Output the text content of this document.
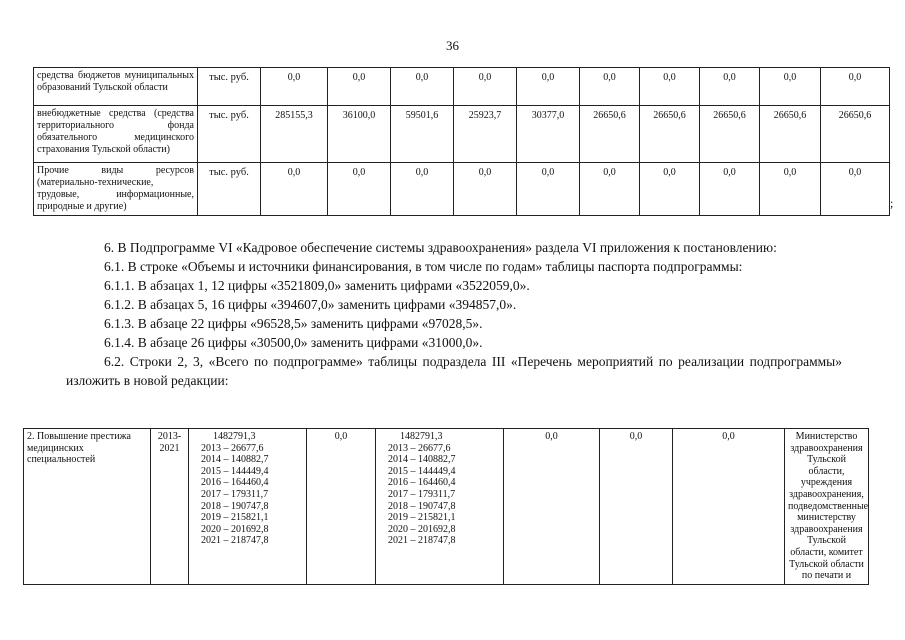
36
средства бюджетов муниципальных образований Тульской области	тыс. руб.	0,0	0,0	0,0	0,0	0,0	0,0	0,0	0,0	0,0	0,0
внебюджетные средства (средства территориального фонда обязательного медицинского страхования Тульской области)	тыс. руб.	285155,3	36100,0	59501,6	25923,7	30377,0	26650,6	26650,6	26650,6	26650,6	26650,6
Прочие виды ресурсов (материально-технические, трудовые, информационные, природные и другие)	тыс. руб.	0,0	0,0	0,0	0,0	0,0	0,0	0,0	0,0	0,0	0,0
;

6. В Подпрограмме VI «Кадровое обеспечение системы здравоохранения» раздела VI приложения к постановлению:

6.1. В строке «Объемы и источники финансирования, в том числе по годам» таблицы паспорта подпрограммы:

6.1.1. В абзацах 1, 12 цифры «3521809,0» заменить цифрами «3522059,0».

6.1.2. В абзацах 5, 16 цифры «394607,0» заменить цифрами «394857,0».

6.1.3. В абзаце 22 цифры «96528,5» заменить цифрами «97028,5».

6.1.4. В абзаце 26 цифры «30500,0» заменить цифрами «31000,0».

6.2. Строки 2, 3, «Всего по подпрограмме» таблицы подраздела III «Перечень мероприятий по реализации подпрограммы» изложить в новой редакции:

2. Повышение престижа медицинских специальностей	2013-2021	
1482791,3
2013 – 26677,6
2014 – 140882,7
2015 – 144449,4
2016 – 164460,4
2017 – 179311,7
2018 – 190747,8
2019 – 215821,1
2020 – 201692,8
2021 – 218747,8
	0,0	1482791,3
2013 – 26677,6
2014 – 140882,7
2015 – 144449,4
2016 – 164460,4
2017 – 179311,7
2018 – 190747,8
2019 – 215821,1
2020 – 201692,8
2021 – 218747,8
	0,0	0,0	0,0	Министерство здравоохранения Тульской области, учреждения здравоохранения, подведомственные министерству здравоохранения Тульской области, комитет Тульской области по печати и
